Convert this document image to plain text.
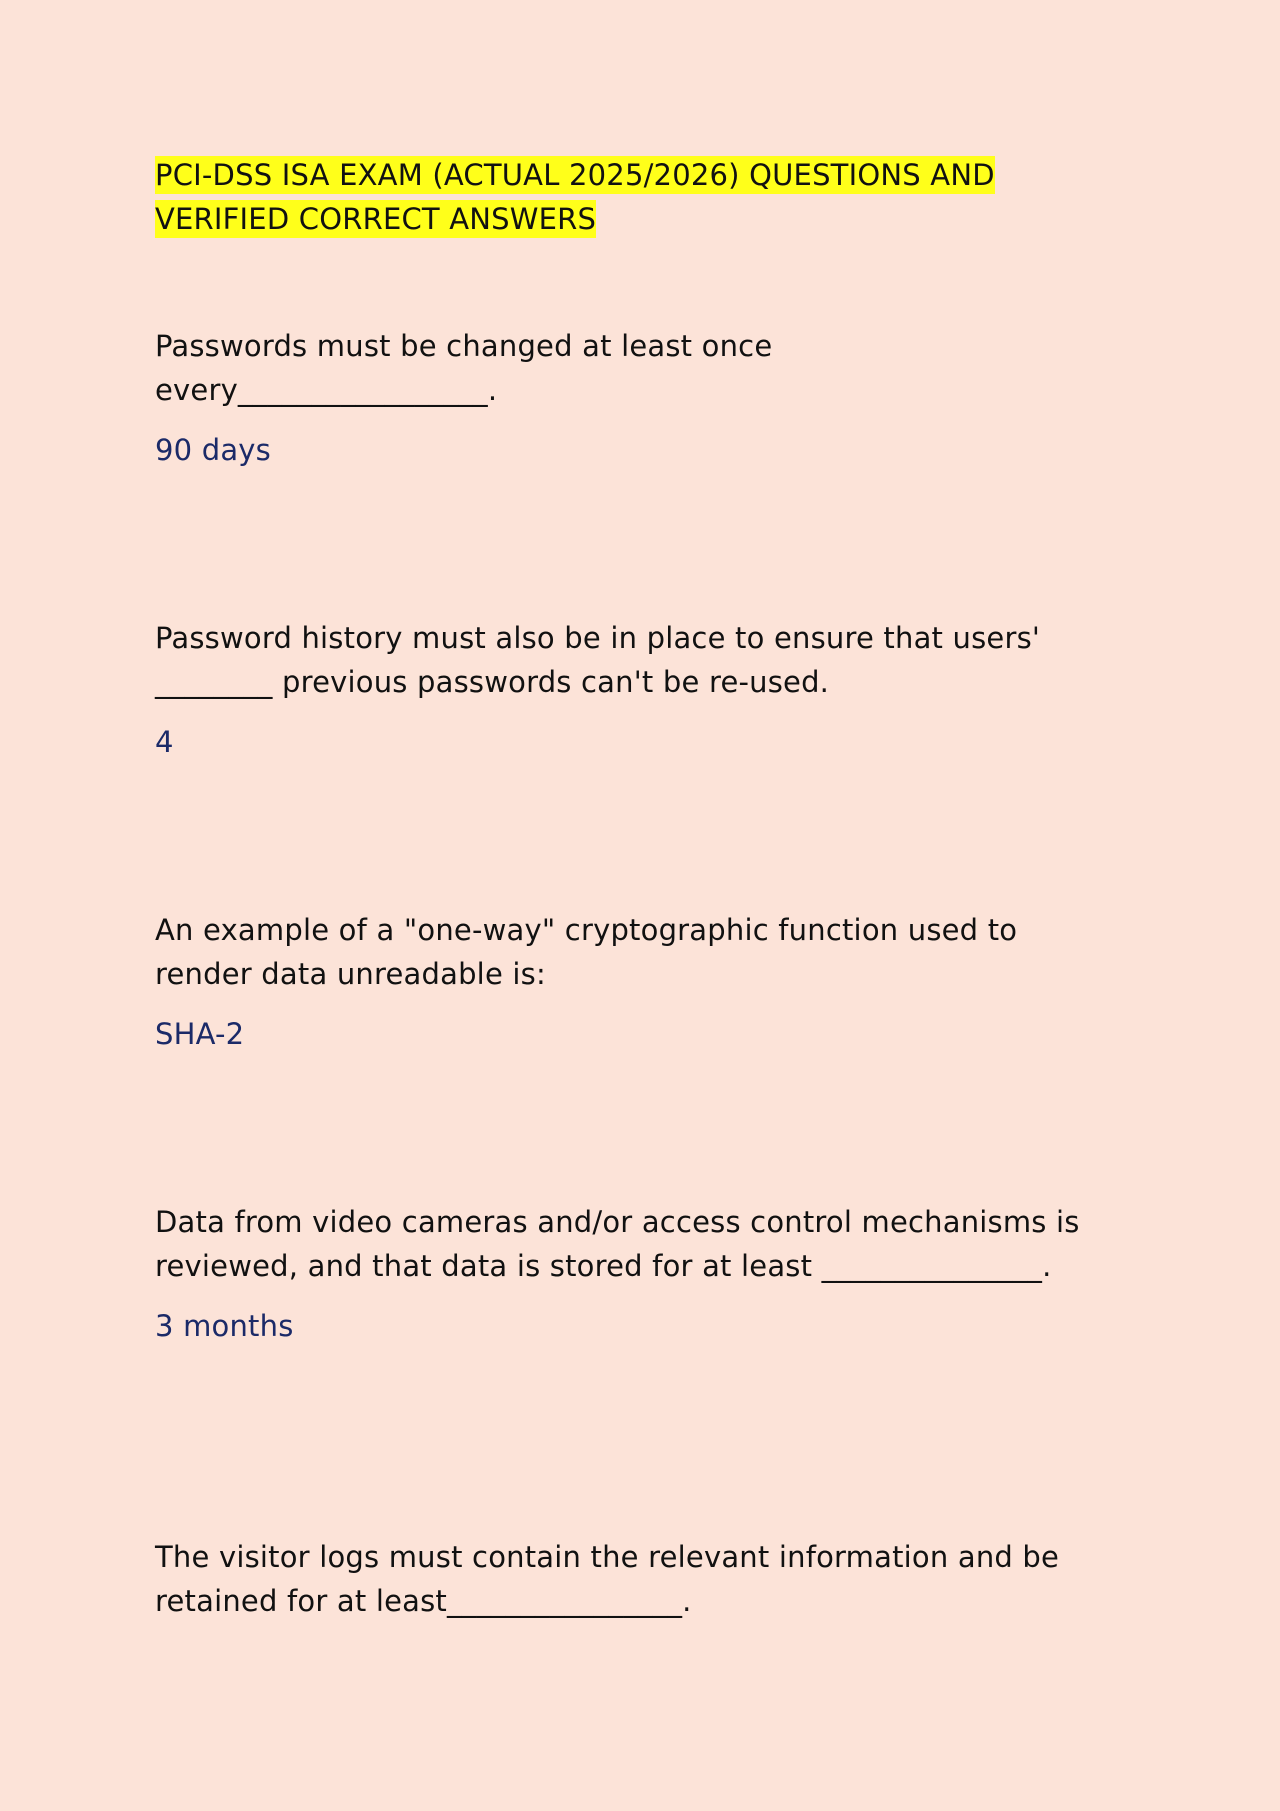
PCI-DSS ISA EXAM (ACTUAL 2025/2026) QUESTIONS AND VERIFIED CORRECT ANSWERS

Passwords must be changed at least once every_________________.

90 days

Password history must also be in place to ensure that users' ________ previous passwords can't be re-used.

4

An example of a "one-way" cryptographic function used to render data unreadable is:

SHA-2

Data from video cameras and/or access control mechanisms is reviewed, and that data is stored for at least _______________.

3 months

The visitor logs must contain the relevant information and be retained for at least________________.
